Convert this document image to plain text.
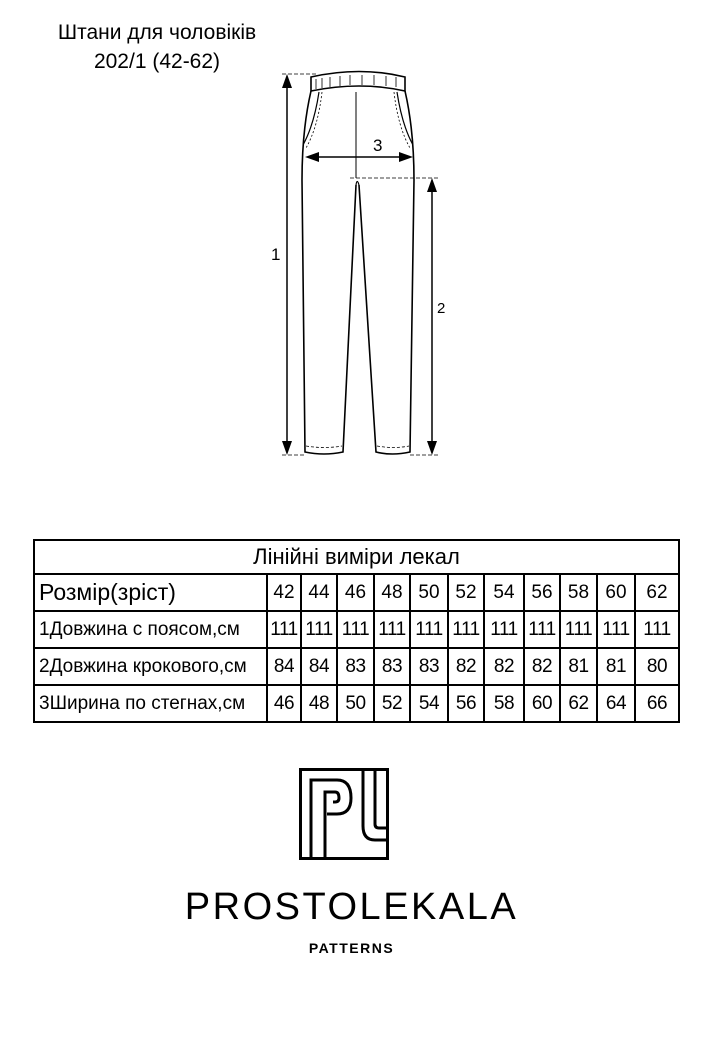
Штани для чоловіків
202/1 (42-62)
1
2
3
Лінійні виміри лекал											
Розмір(зріст)	42	44	46	48	50	52	54	56	58	60	62
1Довжина с поясом,см	111	111	111	111	111	111	111	111	111	111	111
2Довжина крокового,см	84	84	83	83	83	82	82	82	81	81	80
3Ширина по стегнах,см	46	48	50	52	54	56	58	60	62	64	66
PROSTOLEKALA
PATTERNS
